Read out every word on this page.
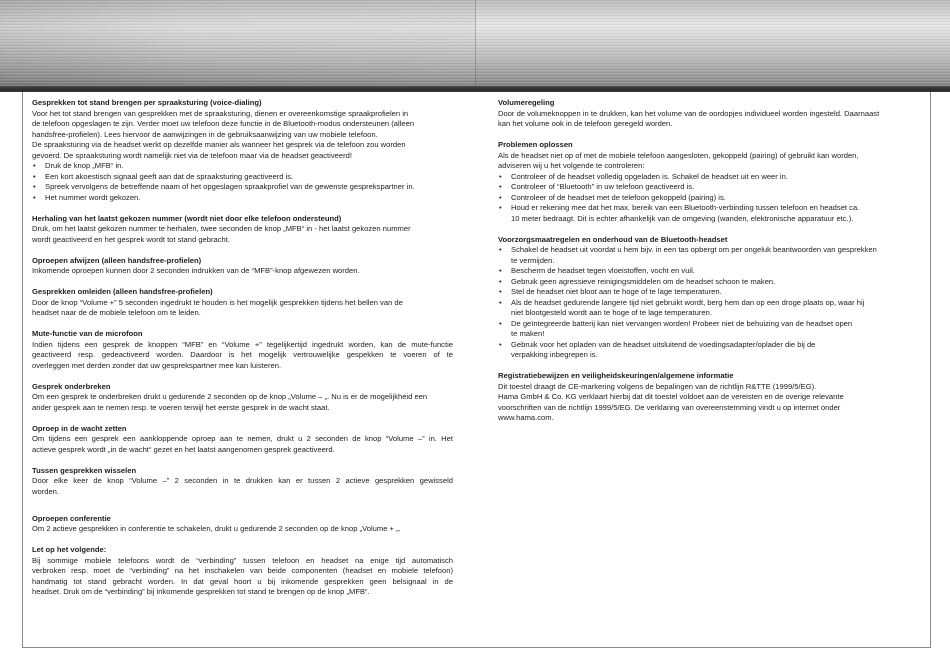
Gesprekken tot stand brengen per spraaksturing (voice-dialing)
Voor het tot stand brengen van gesprekken met de spraaksturing, dienen er overeenkomstige spraakprofielen in
de telefoon opgeslagen te zijn. Verder moet uw telefoon deze functie in de Bluetooth-modus ondersteunen (alleen
handsfree-profielen). Lees hiervoor de aanwijzingen in de gebruiksaanwijzing van uw mobiele telefoon.
De spraaksturing via de headset werkt op dezelfde manier als wanneer het gesprek via de telefoon zou worden
gevoerd. De spraaksturing wordt namelijk niet via de telefoon maar via de headset geactiveerd!
•
Druk de knop „MFB“ in.
•
Een kort akoestisch signaal geeft aan dat de spraaksturing geactiveerd is.
•
Spreek vervolgens de betreffende naam of het opgeslagen spraakprofiel van de gewenste gesprekspartner in.
•
Het nummer wordt gekozen.
Herhaling van het laatst gekozen nummer (wordt niet door elke telefoon ondersteund)
Druk, om het laatst gekozen nummer te herhalen, twee seconden de knop „MFB“ in - het laatst gekozen nummer
wordt geactiveerd en het gesprek wordt tot stand gebracht.
Oproepen afwijzen (alleen handsfree-profielen)
Inkomende oproepen kunnen door 2 seconden indrukken van de “MFB”-knop afgewezen worden.
Gesprekken omleiden (alleen handsfree-profielen)
Door de knop “Volume +” 5 seconden ingedrukt te houden is het mogelijk gesprekken tijdens het bellen van de
headset naar de de mobiele telefoon om te leiden.
Mute-functie van de microfoon
Indien tijdens een gesprek de knoppen “MFB” en “Volume +” tegelijkertijd ingedrukt worden, kan de mute-functie
geactiveerd resp. gedeactiveerd worden. Daardoor is het mogelijk vertrouwelijke gespekken te voeren of te
overleggen met derden zonder dat uw gesprekspartner mee kan luisteren.
Gesprek onderbreken
Om een gesprek te onderbreken drukt u gedurende 2 seconden op de knop „Volume – „. Nu is er de mogelijkheid een
ander gesprek aan te nemen resp. te voeren terwijl het eerste gesprek in de wacht staat.
Oproep in de wacht zetten
Om tijdens een gesprek een aankloppende oproep aan te nemen, drukt u 2 seconden de knop “Volume –” in. Het
actieve gesprek wordt „in de wacht“ gezet en het laatst aangenomen gesprek geactiveerd.
Tussen gesprekken wisselen
Door elke keer de knop “Volume –” 2 seconden in te drukken kan er tussen 2 actieve gesprekken gewisseld
worden.
Oproepen conferentie
Om 2 actieve gesprekken in conferentie te schakelen, drukt u gedurende 2 seconden op de knop „Volume + „.
Let op het volgende:
Bij sommige mobiele telefoons wordt de “verbinding” tussen telefoon en headset na enige tijd automatisch
verbroken resp. moet de “verbinding” na het inschakelen van beide componenten (headset en mobiele telefoon)
handmatig tot stand gebracht worden. In dat geval hoort u bij inkomende gesprekken geen belsignaal in de
headset. Druk om de “verbinding” bij inkomende gesprekken tot stand te brengen op de knop „MFB“.
Volumeregeling
Door de volumeknoppen in te drukken, kan het volume van de oordopjes individueel worden ingesteld. Daarnaast
kan het volume ook in de telefoon geregeld worden.
Problemen oplossen
Als de headset niet op of met de mobiele telefoon aangesloten, gekoppeld (pairing) of gebruikt kan worden,
adviseren wij u het volgende te controleren:
•
Controleer of de headset volledig opgeladen is. Schakel de headset uit en weer in.
•
Controleer of “Bluetooth” in uw telefoon geactiveerd is.
•
Controleer of de headset met de telefoon gekoppeld (pairing) is.
•
Houd er rekening mee dat het max. bereik van een Bluetooth-verbinding tussen telefoon en headset ca.
10 meter bedraagt. Dit is echter afhankelijk van de omgeving (wanden, elektronische apparatuur etc.).
Voorzorgsmaatregelen en onderhoud van de Bluetooth-headset
•
Schakel de headset uit voordat u hem bijv. in een tas opbergt om per ongeluk beantwoorden van gesprekken
te vermijden.
•
Bescherm de headset tegen vloeistoffen, vocht en vuil.
•
Gebruik geen agressieve reinigingsmiddelen om de headset schoon te maken.
•
Stel de headset niet bloot aan te hoge of te lage temperaturen.
•
Als de headset gedurende langere tijd niet gebruikt wordt, berg hem dan op een droge plaats op, waar hij
niet blootgesteld wordt aan te hoge of te lage temperaturen.
•
De geïntegreerde batterij kan niet vervangen worden! Probeer niet de behuizing van de headset open
te maken!
•
Gebruik voor het opladen van de headset uitsluitend de voedingsadapter/oplader die bij de
verpakking inbegrepen is.
Registratiebewijzen en veiligheidskeuringen/algemene informatie
Dit toestel draagt de CE-markering volgens de bepalingen van de richtlijn R&TTE (1999/5/EG).
Hama GmbH & Co. KG verklaart hierbij dat dit toestel voldoet aan de vereisten en de overige relevante
voorschriften van de richtlijn 1999/5/EG. De verklaring van overeenstemming vindt u op internet onder
www.hama.com.
